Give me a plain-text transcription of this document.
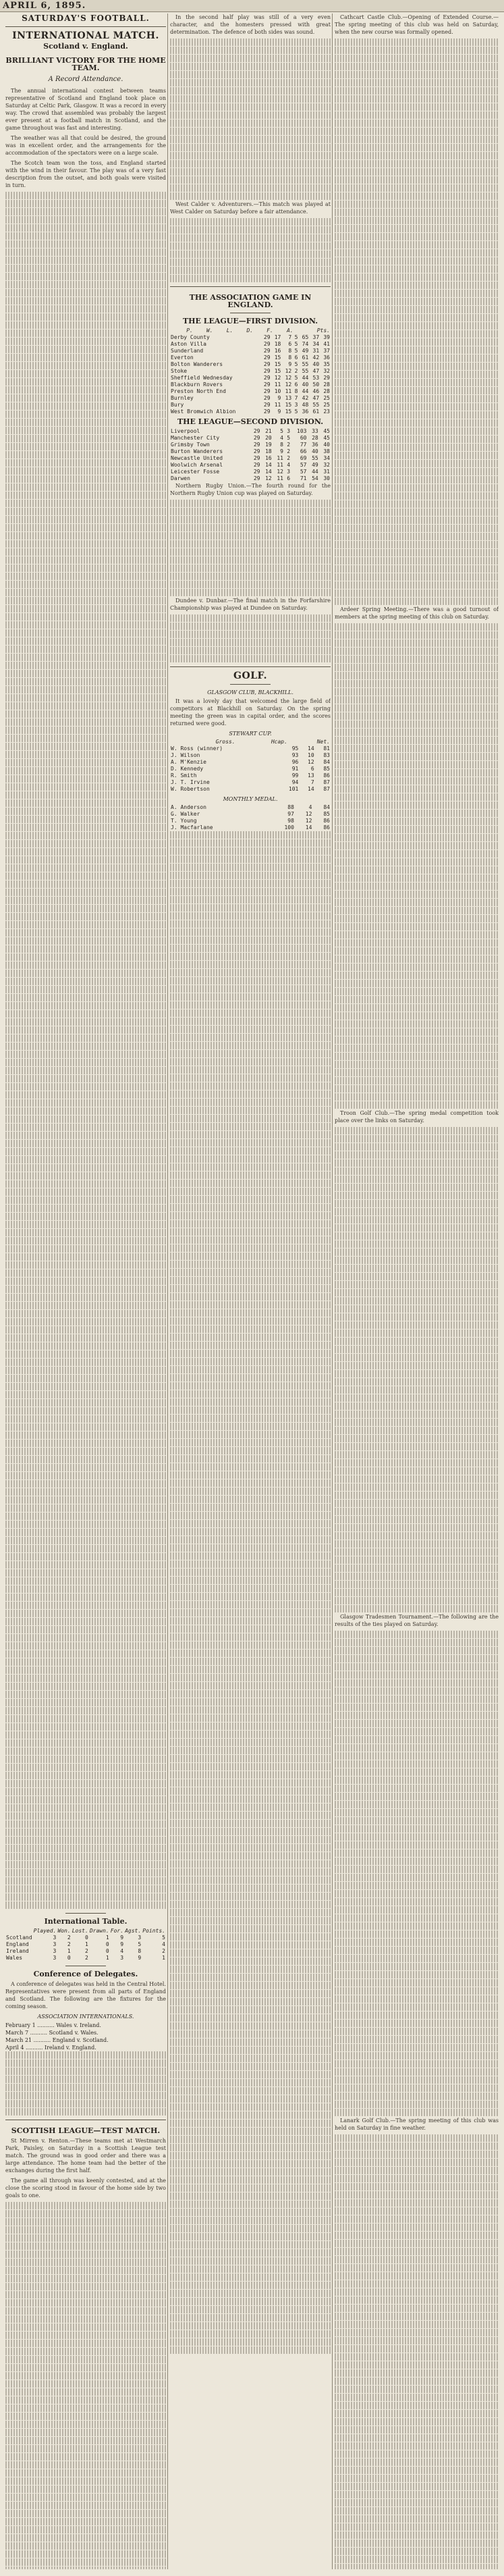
APRIL 6, 1895.
SATURDAY'S FOOTBALL.
INTERNATIONAL MATCH.
Scotland v. England.
BRILLIANT VICTORY FOR THE HOME TEAM.
A Record Attendance.

The annual international contest between teams representative of Scotland and England took place on Saturday at Celtic Park, Glasgow. It was a record in every way. The crowd that assembled was probably the largest ever present at a football match in Scotland, and the game throughout was fast and interesting.

The weather was all that could be desired, the ground was in excellent order, and the arrangements for the accommodation of the spectators were on a large scale.

The Scotch team won the toss, and England started with the wind in their favour. The play was of a very fast description from the outset, and both goals were visited in turn.

International Table.
	Played.	Won.	Lost.	Drawn.	For.	Agst.	Points.
Scotland	3	2	0	1	9	3	5
England	3	2	1	0	9	5	4
Ireland	3	1	2	0	4	8	2
Wales	3	0	2	1	3	9	1
Conference of Delegates.

A conference of delegates was held in the Central Hotel. Representatives were present from all parts of England and Scotland. The following are the fixtures for the coming season.

ASSOCIATION INTERNATIONALS.
February 1 .......... Wales v. Ireland.
March 7 .......... Scotland v. Wales.
March 21 .......... England v. Scotland.
April 4 .......... Ireland v. England.
SCOTTISH LEAGUE—TEST MATCH.

St Mirren v. Renton.—These teams met at Westmarch Park, Paisley, on Saturday in a Scottish League test match. The ground was in good order and there was a large attendance. The home team had the better of the exchanges during the first half.

The game all through was keenly contested, and at the close the scoring stood in favour of the home side by two goals to one.

In the second half play was still of a very even character, and the homesters pressed with great determination. The defence of both sides was sound.

West Calder v. Adventurers.—This match was played at West Calder on Saturday before a fair attendance.

THE ASSOCIATION GAME IN ENGLAND.
THE LEAGUE—FIRST DIVISION.
	P.	W.	L.	D.	F.	A.	Pts.
Derby County	29	17	7	5	65	37	39
Aston Villa	29	18	6	5	74	34	41
Sunderland	29	16	8	5	49	31	37
Everton	29	15	8	6	61	42	36
Bolton Wanderers	29	15	9	5	55	40	35
Stoke	29	15	12	2	55	47	32
Sheffield Wednesday	29	12	12	5	44	53	29
Blackburn Rovers	29	11	12	6	40	50	28
Preston North End	29	10	11	8	44	46	28
Burnley	29	9	13	7	42	47	25
Bury	29	11	15	3	48	55	25
West Bromwich Albion	29	9	15	5	36	61	23
THE LEAGUE—SECOND DIVISION.
Liverpool	29	21	5	3	103	33	45
Manchester City	29	20	4	5	60	28	45
Grimsby Town	29	19	8	2	77	36	40
Burton Wanderers	29	18	9	2	66	40	38
Newcastle United	29	16	11	2	69	55	34
Woolwich Arsenal	29	14	11	4	57	49	32
Leicester Fosse	29	14	12	3	57	44	31
Darwen	29	12	11	6	71	54	30

Northern Rugby Union.—The fourth round for the Northern Rugby Union cup was played on Saturday.

Dundee v. Dunbar.—The final match in the Forfarshire Championship was played at Dundee on Saturday.

GOLF.
GLASGOW CLUB, BLACKHILL.

It was a lovely day that welcomed the large field of competitors at Blackhill on Saturday. On the spring meeting the green was in capital order, and the scores returned were good.

STEWART CUP.
	Gross.	Hcap.	Net.
W. Ross (winner)	95	14	81
J. Wilson	93	10	83
A. M'Kenzie	96	12	84
D. Kennedy	91	6	85
R. Smith	99	13	86
J. T. Irvine	94	7	87
W. Robertson	101	14	87
MONTHLY MEDAL.
A. Anderson	88	4	84
G. Walker	97	12	85
T. Young	98	12	86
J. Macfarlane	100	14	86

Cathcart Castle Club.—Opening of Extended Course.—The spring meeting of this club was held on Saturday, when the new course was formally opened.

Ardeer Spring Meeting.—There was a good turnout of members at the spring meeting of this club on Saturday.

Troon Golf Club.—The spring medal competition took place over the links on Saturday.

Glasgow Tradesmen Tournament.—The following are the results of the ties played on Saturday.

Lanark Golf Club.—The spring meeting of this club was held on Saturday in fine weather.
